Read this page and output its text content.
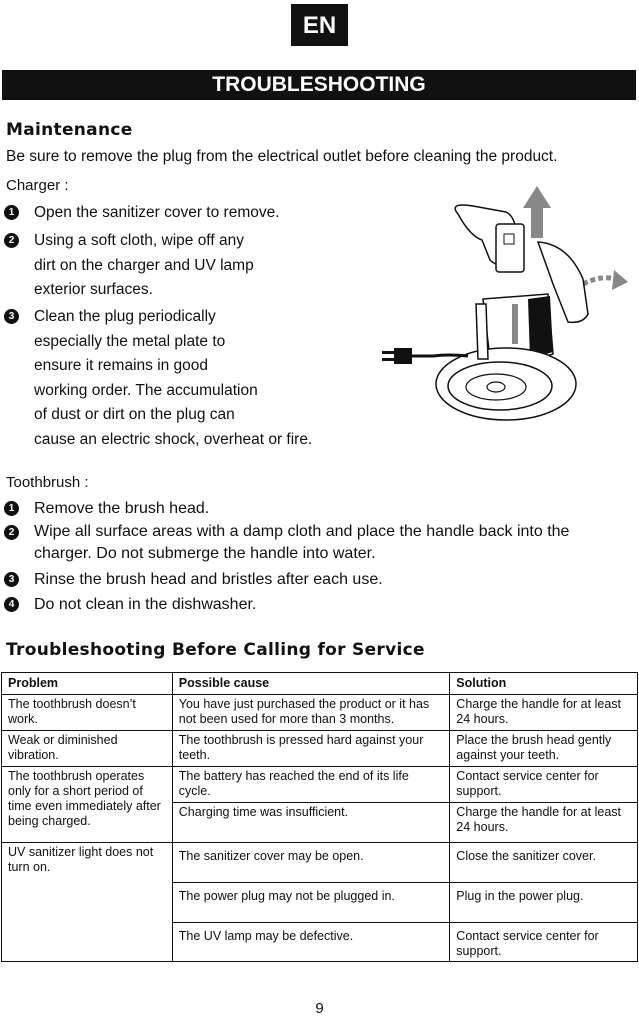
EN
TROUBLESHOOTING
Maintenance
Be sure to remove the plug from the electrical outlet before cleaning the product.
Charger :
1	Open the sanitizer cover to remove.
2	Using a soft cloth, wipe off any
dirt on the charger and UV lamp
exterior surfaces.
3	Clean the plug periodically
especially the metal plate to
ensure it remains in good
working order. The accumulation
of dust or dirt on the plug can
cause an electric shock, overheat or fire.
Toothbrush :
1 Remove the brush head.
2 Wipe all surface areas with a damp cloth and place the handle back into the
charger. Do not submerge the handle into water.
3 Rinse the brush head and bristles after each use.
4 Do not clean in the dishwasher.
Troubleshooting Before Calling for Service
Problem	Possible cause	Solution
The toothbrush doesn’t work.	You have just purchased the product or it has not been used for more than 3 months.	Charge the handle for at least 24 hours.
Weak or diminished vibration.	The toothbrush is pressed hard against your teeth.	Place the brush head gently against your teeth.
The toothbrush operates only for a short period of time even immediately after being charged.	The battery has reached the end of its life cycle.	Contact service center for support.
	Charging time was insufficient.	Charge the handle for at least 24 hours.
UV sanitizer light does not turn on.	The sanitizer cover may be open.	Close the sanitizer cover.
	The power plug may not be plugged in.	Plug in the power plug.
	The UV lamp may be defective.	Contact service center for support.
9
